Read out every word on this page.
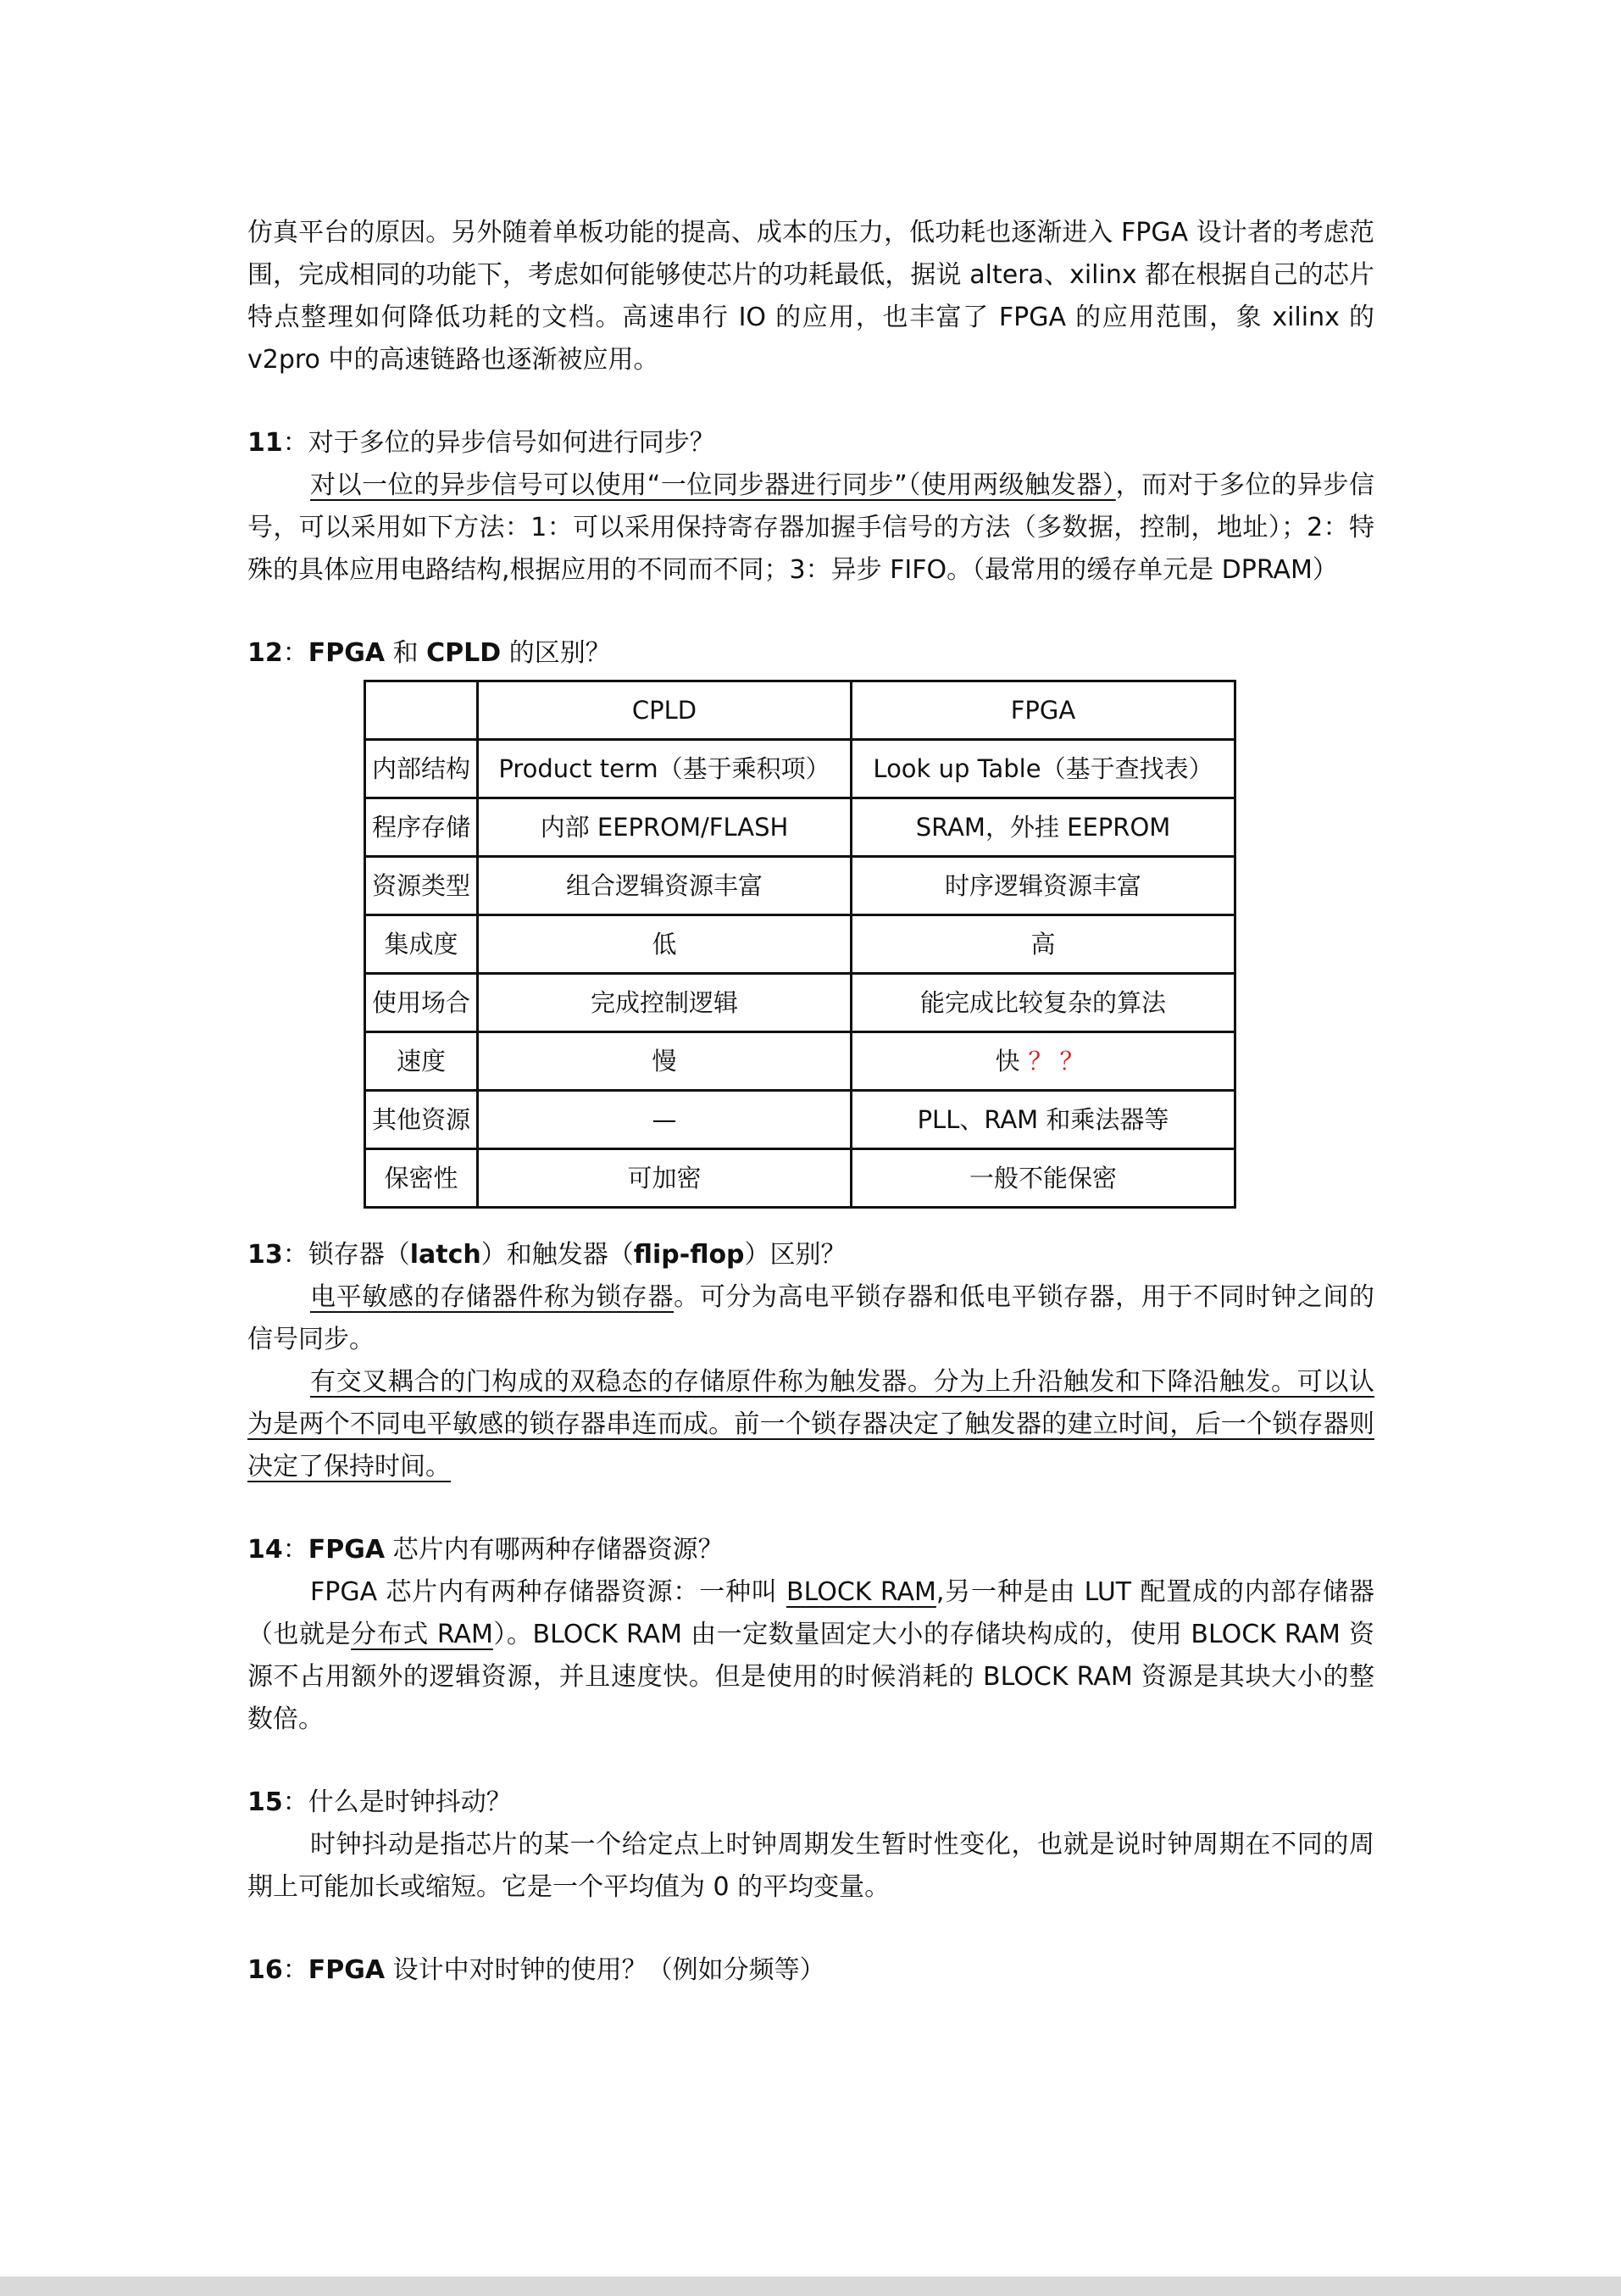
仿真平台的原因。另外随着单板功能的提高、成本的压力，低功耗也逐渐进入 FPGA 设计者的考虑范围，完成相同的功能下，考虑如何能够使芯片的功耗最低，据说 altera、xilinx 都在根据自己的芯片特点整理如何降低功耗的文档。高速串行 IO 的应用，也丰富了 FPGA 的应用范围，象 xilinx 的 v2pro 中的高速链路也逐渐被应用。

11：对于多位的异步信号如何进行同步？

对以一位的异步信号可以使用“一位同步器进行同步”（使用两级触发器），而对于多位的异步信号，可以采用如下方法：1：可以采用保持寄存器加握手信号的方法（多数据，控制，地址）；2：特殊的具体应用电路结构,根据应用的不同而不同；3：异步 FIFO。（最常用的缓存单元是 DPRAM）

12：FPGA 和 CPLD 的区别？

	CPLD	FPGA
内部结构	Product term（基于乘积项）	Look up Table（基于查找表）
程序存储	内部 EEPROM/FLASH	SRAM，外挂 EEPROM
资源类型	组合逻辑资源丰富	时序逻辑资源丰富
集成度	低	高
使用场合	完成控制逻辑	能完成比较复杂的算法
速度	慢	快 ？？
其他资源	—	PLL、RAM 和乘法器等
保密性	可加密	一般不能保密

13：锁存器（latch）和触发器（flip-flop）区别？

电平敏感的存储器件称为锁存器。可分为高电平锁存器和低电平锁存器，用于不同时钟之间的信号同步。

有交叉耦合的门构成的双稳态的存储原件称为触发器。分为上升沿触发和下降沿触发。可以认为是两个不同电平敏感的锁存器串连而成。前一个锁存器决定了触发器的建立时间，后一个锁存器则决定了保持时间。

14：FPGA 芯片内有哪两种存储器资源？

FPGA 芯片内有两种存储器资源：一种叫 BLOCK RAM,另一种是由 LUT 配置成的内部存储器（也就是分布式 RAM）。BLOCK RAM 由一定数量固定大小的存储块构成的，使用 BLOCK RAM 资源不占用额外的逻辑资源，并且速度快。但是使用的时候消耗的 BLOCK RAM 资源是其块大小的整数倍。

15：什么是时钟抖动？

时钟抖动是指芯片的某一个给定点上时钟周期发生暂时性变化，也就是说时钟周期在不同的周期上可能加长或缩短。它是一个平均值为 0 的平均变量。

16：FPGA 设计中对时钟的使用？（例如分频等）
